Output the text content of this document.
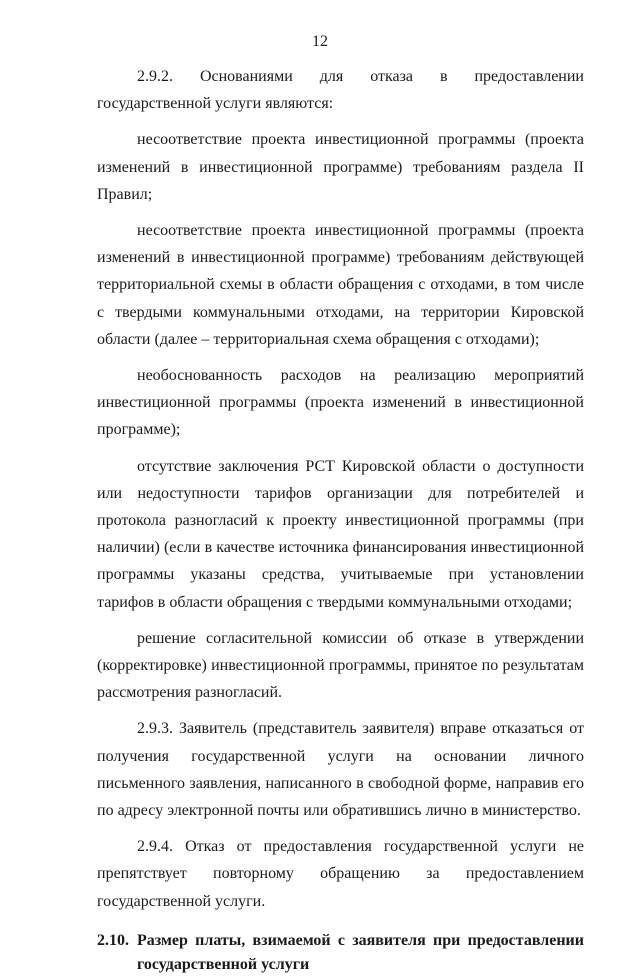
12

2.9.2. Основаниями для отказа в предоставлении государственной услуги являются:

несоответствие проекта инвестиционной программы (проекта изменений в инвестиционной программе) требованиям раздела II Правил;

несоответствие проекта инвестиционной программы (проекта изменений в инвестиционной программе) требованиям действующей территориальной схемы в области обращения с отходами, в том числе с твердыми коммунальными отходами, на территории Кировской области (далее – территориальная схема обращения с отходами);

необоснованность расходов на реализацию мероприятий инвестиционной программы (проекта изменений в инвестиционной программе);

отсутствие заключения РСТ Кировской области о доступности или недоступности тарифов организации для потребителей и протокола разногласий к проекту инвестиционной программы (при наличии) (если в качестве источника финансирования инвестиционной программы указаны средства, учитываемые при установлении тарифов в области обращения с твердыми коммунальными отходами;

решение согласительной комиссии об отказе в утверждении (корректировке) инвестиционной программы, принятое по результатам рассмотрения разногласий.

2.9.3. Заявитель (представитель заявителя) вправе отказаться от получения государственной услуги на основании личного письменного заявления, написанного в свободной форме, направив его по адресу электронной почты или обратившись лично в министерство.

2.9.4. Отказ от предоставления государственной услуги не препятствует повторному обращению за предоставлением государственной услуги.

2.10. Размер платы, взимаемой с заявителя при предоставлении государственной услуги
